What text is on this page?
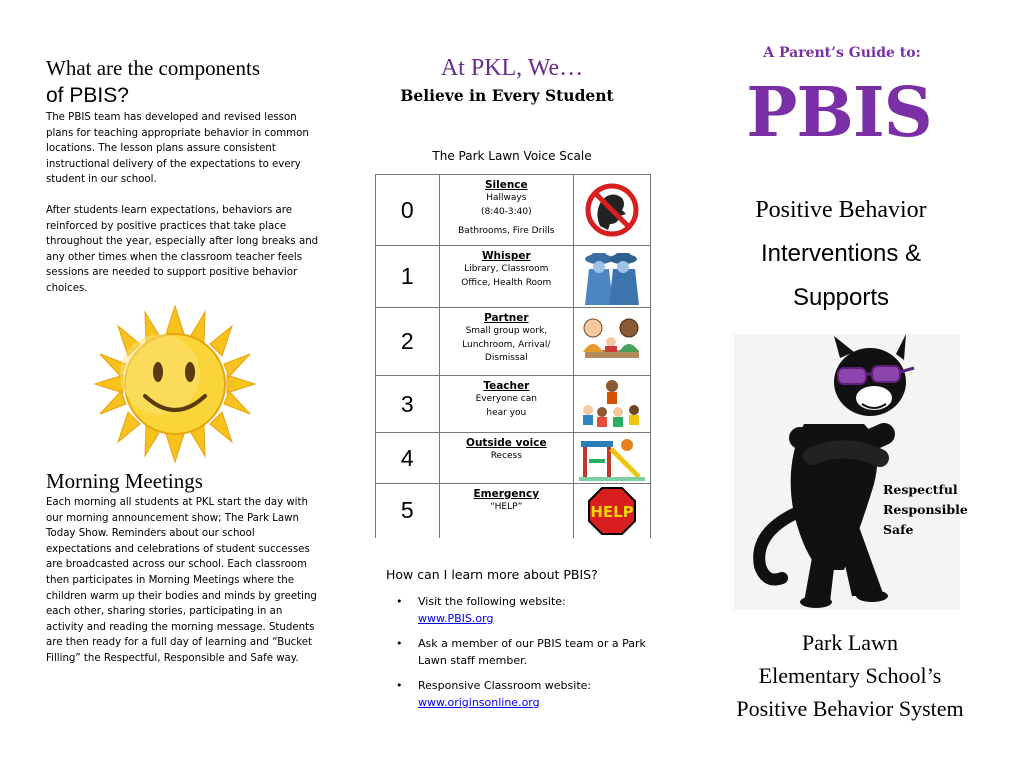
What are the components
of PBIS?

The PBIS team has developed and revised lesson plans for teaching appropriate behavior in common locations. The lesson plans assure consistent instructional delivery of the expectations to every student in our school.

After students learn expectations, behaviors are reinforced by positive practices that take place throughout the year, especially after long breaks and any other times when the classroom teacher feels sessions are needed to support positive behavior choices.

Morning Meetings

Each morning all students at PKL start the day with our morning announcement show; The Park Lawn Today Show. Reminders about our school expectations and celebrations of student successes are broadcasted across our school. Each classroom then participates in Morning Meetings where the children warm up their bodies and minds by greeting each other, sharing stories, participating in an activity and reading the morning message. Students are then ready for a full day of learning and “Bucket Filling” the Respectful, Responsible and Safe way.

At PKL, We…
Believe in Every Student
The Park Lawn Voice Scale
0	Silence
Hallways
(8:40-3:40)
Bathrooms, Fire Drills

1	Whisper
Library, Classroom
Office, Health Room	

2	Partner
Small group work,
Lunchroom, Arrival/
Dismissal	

3	Teacher
Everyone can
hear you	

4	Outside voice
Recess	

5	Emergency
“HELP”	HELP
How can I learn more about PBIS?
• Visit the following website:
www.PBIS.org
• Ask a member of our PBIS team or a Park Lawn staff member.
• Responsive Classroom website:
www.originsonline.org
A Parent’s Guide to:
PBIS
Positive Behavior
Interventions &
Supports
Respectful
Responsible
Safe
Park Lawn
Elementary School’s
Positive Behavior System
